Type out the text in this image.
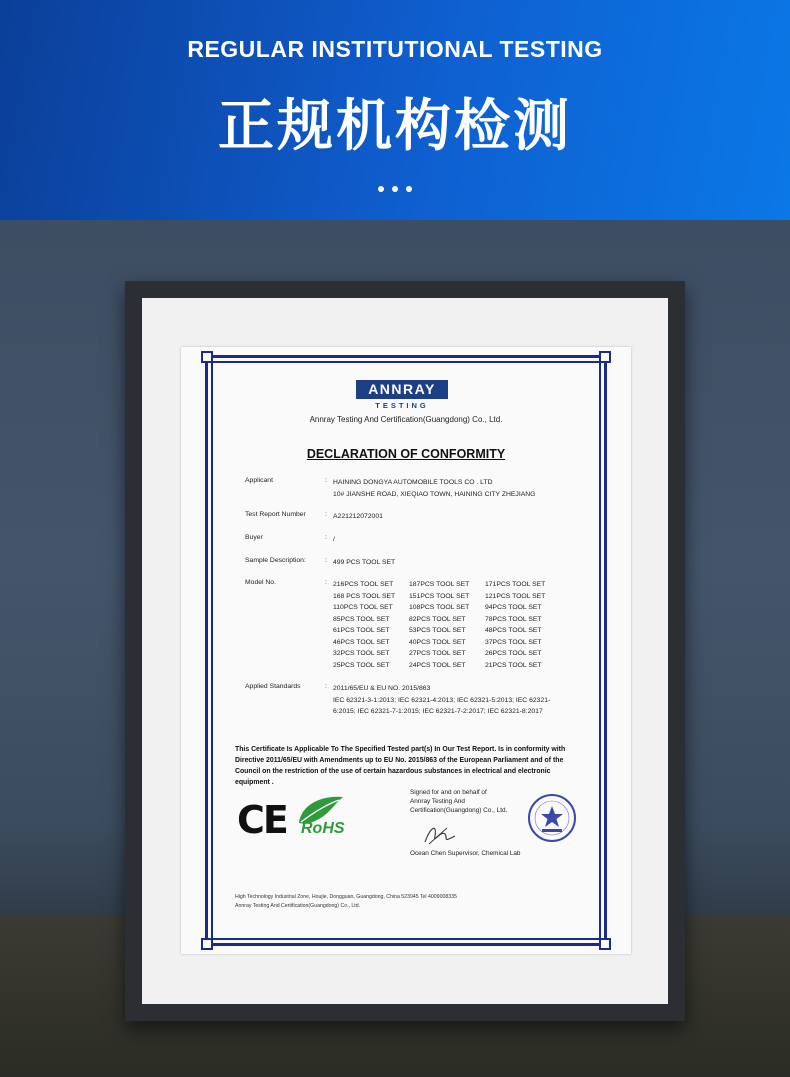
REGULAR INSTITUTIONAL TESTING
正规机构检测
ANNRAY
TESTING
Annray Testing And Certification(Guangdong) Co., Ltd.
DECLARATION OF CONFORMITY
Applicant	: HAINING DONGYA AUTOMOBILE TOOLS CO . LTD
10# JIANSHE ROAD, XIEQIAO TOWN, HAINING CITY ZHEJIANG
Test Report Number	: A221212072001
Buyer	: /
Sample Description:	: 499 PCS TOOL SET
Model No.	: 216PCS TOOL SET	187PCS TOOL SET	171PCS TOOL SET
168 PCS TOOL SET	151PCS TOOL SET	121PCS TOOL SET
110PCS TOOL SET	108PCS TOOL SET	94PCS TOOL SET
85PCS TOOL SET	82PCS TOOL SET	78PCS TOOL SET
61PCS TOOL SET	53PCS TOOL SET	48PCS TOOL SET
46PCS TOOL SET	40PCS TOOL SET	37PCS TOOL SET
32PCS TOOL SET	27PCS TOOL SET	26PCS TOOL SET
25PCS TOOL SET	24PCS TOOL SET	21PCS TOOL SET
Applied Standards	: 2011/65/EU & EU NO. 2015/863
IEC 62321-3-1:2013; IEC 62321-4:2013; IEC 62321-5:2013; IEC 62321-6:2015; IEC 62321-7-1:2015; IEC 62321-7-2:2017; IEC 62321-8:2017
This Certificate Is Applicable To The Specified Tested part(s) In Our Test Report. Is in conformity with Directive 2011/65/EU with Amendments up to EU No. 2015/863 of the European Parliament and of the Council on the restriction of the use of certain hazardous substances in electrical and electronic equipment .
CE RoHS
Signed for and on behalf of
Annray Testing And
Certification(Guangdong) Co., Ltd.
Ocean Chen Supervisor, Chemical Lab
High Technology Industrial Zone, Houjie, Dongguan, Guangdong, China 523945 Tel 4009008335
Annray Testing And Certification(Guangdong) Co., Ltd.
